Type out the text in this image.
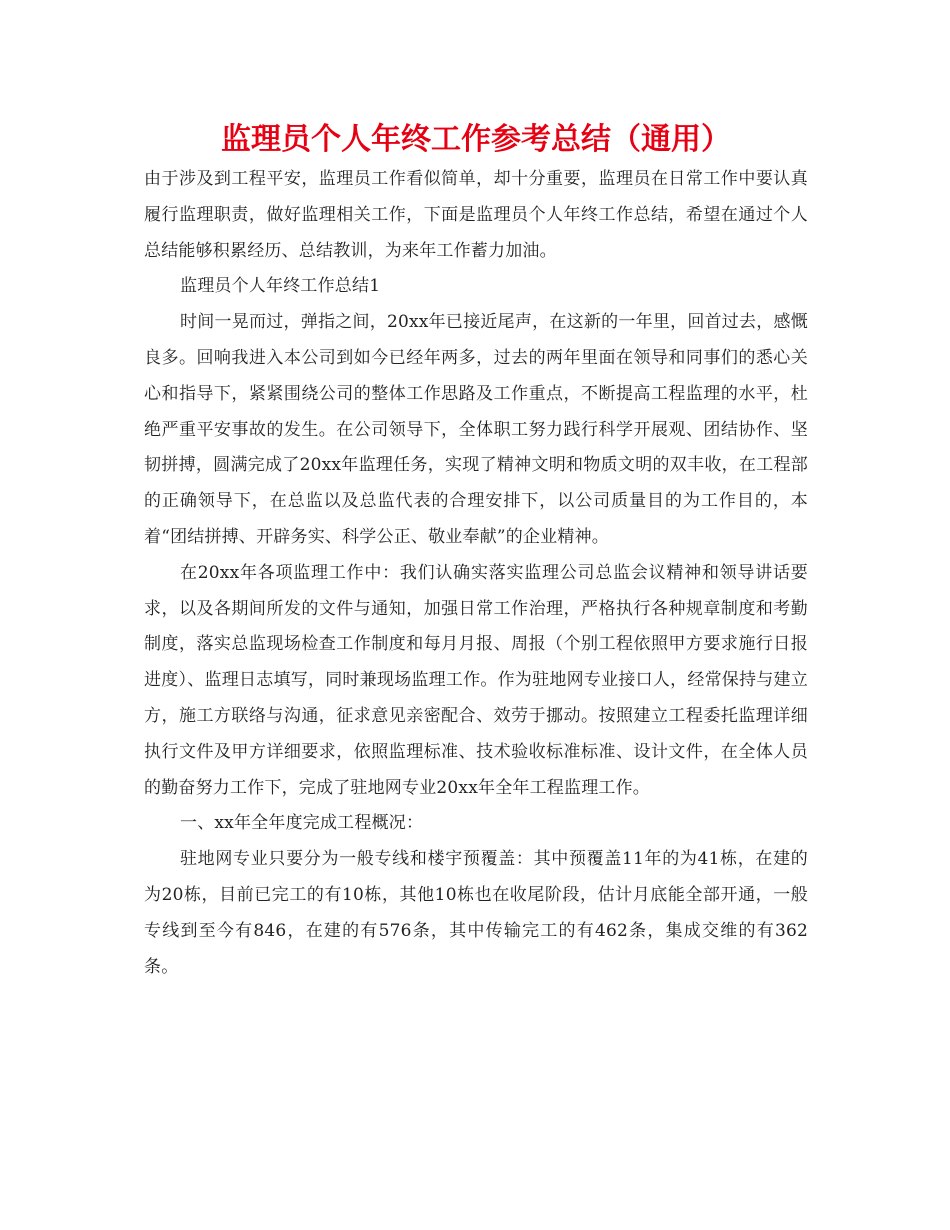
监理员个人年终工作参考总结（通用）

由于涉及到工程平安，监理员工作看似简单，却十分重要，监理员在日常工作中要认真履行监理职责，做好监理相关工作，下面是监理员个人年终工作总结，希望在通过个人总结能够积累经历、总结教训，为来年工作蓄力加油。

监理员个人年终工作总结1

时间一晃而过，弹指之间，20xx年已接近尾声，在这新的一年里，回首过去，感慨良多。回响我进入本公司到如今已经年两多，过去的两年里面在领导和同事们的悉心关心和指导下，紧紧围绕公司的整体工作思路及工作重点，不断提高工程监理的水平，杜绝严重平安事故的发生。在公司领导下，全体职工努力践行科学开展观、团结协作、坚韧拼搏，圆满完成了20xx年监理任务，实现了精神文明和物质文明的双丰收，在工程部的正确领导下，在总监以及总监代表的合理安排下，以公司质量目的为工作目的，本着“团结拼搏、开辟务实、科学公正、敬业奉献”的企业精神。

在20xx年各项监理工作中：我们认确实落实监理公司总监会议精神和领导讲话要求，以及各期间所发的文件与通知，加强日常工作治理，严格执行各种规章制度和考勤制度，落实总监现场检查工作制度和每月月报、周报（个别工程依照甲方要求施行日报进度）、监理日志填写，同时兼现场监理工作。作为驻地网专业接口人，经常保持与建立方，施工方联络与沟通，征求意见亲密配合、效劳于挪动。按照建立工程委托监理详细执行文件及甲方详细要求，依照监理标准、技术验收标准标准、设计文件，在全体人员的勤奋努力工作下，完成了驻地网专业20xx年全年工程监理工作。

一、xx年全年度完成工程概况：

驻地网专业只要分为一般专线和楼宇预覆盖：其中预覆盖11年的为41栋，在建的为20栋，目前已完工的有10栋，其他10栋也在收尾阶段，估计月底能全部开通，一般专线到至今有846，在建的有576条，其中传输完工的有462条，集成交维的有362条。
